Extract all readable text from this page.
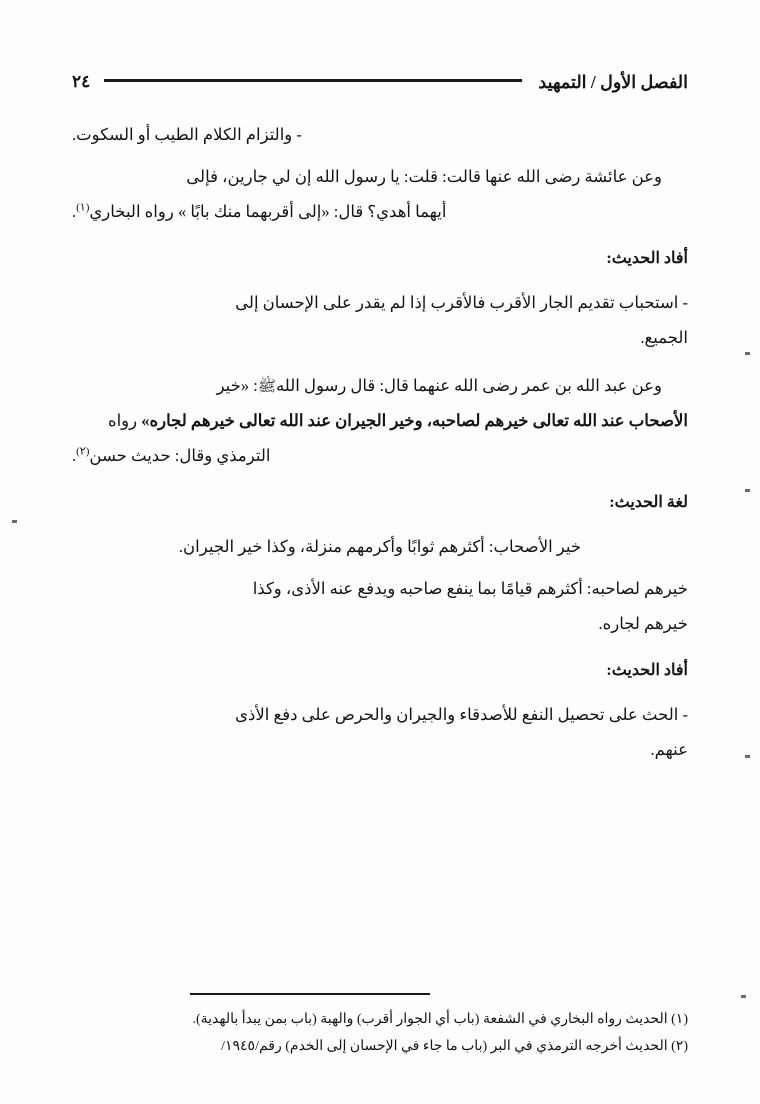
الفصل الأول / التمهيد
٢٤

- والتزام الكلام الطيب أو السكوت.

وعن عائشة رضى الله عنها قالت: قلت: يا رسول الله إن لي جارين، فإلى

أيهما أهدي؟ قال: «إلى أقربهما منك بابًا » رواه البخاري$^{(١)}$.

أفاد الحديث:

- استحباب تقديم الجار الأقرب فالأقرب إذا لم يقدر على الإحسان إلى

الجميع.

وعن عبد الله بن عمر رضى الله عنهما قال: قال رسول اللهﷺ: «خير

الأصحاب عند الله تعالى خيرهم لصاحبه، وخير الجيران عند الله تعالى خيرهم لجاره» رواه

الترمذي وقال: حديث حسن$^{(٢)}$.

لغة الحديث:

خير الأصحاب: أكثرهم ثوابًا وأكرمهم منزلة، وكذا خير الجيران.

خيرهم لصاحبه: أكثرهم قيامًا بما ينفع صاحبه ويدفع عنه الأذى، وكذا

خيرهم لجاره.

أفاد الحديث:

- الحث على تحصيل النفع للأصدقاء والجيران والحرص على دفع الأذى

عنهم.

(١) الحديث رواه البخاري في الشفعة (باب أي الجوار أقرب) والهبة (باب بمن يبدأ بالهدية).

(٢) الحديث أخرجه الترمذي في البر (باب ما جاء في الإحسان إلى الخدم) رقم/١٩٤٥/
